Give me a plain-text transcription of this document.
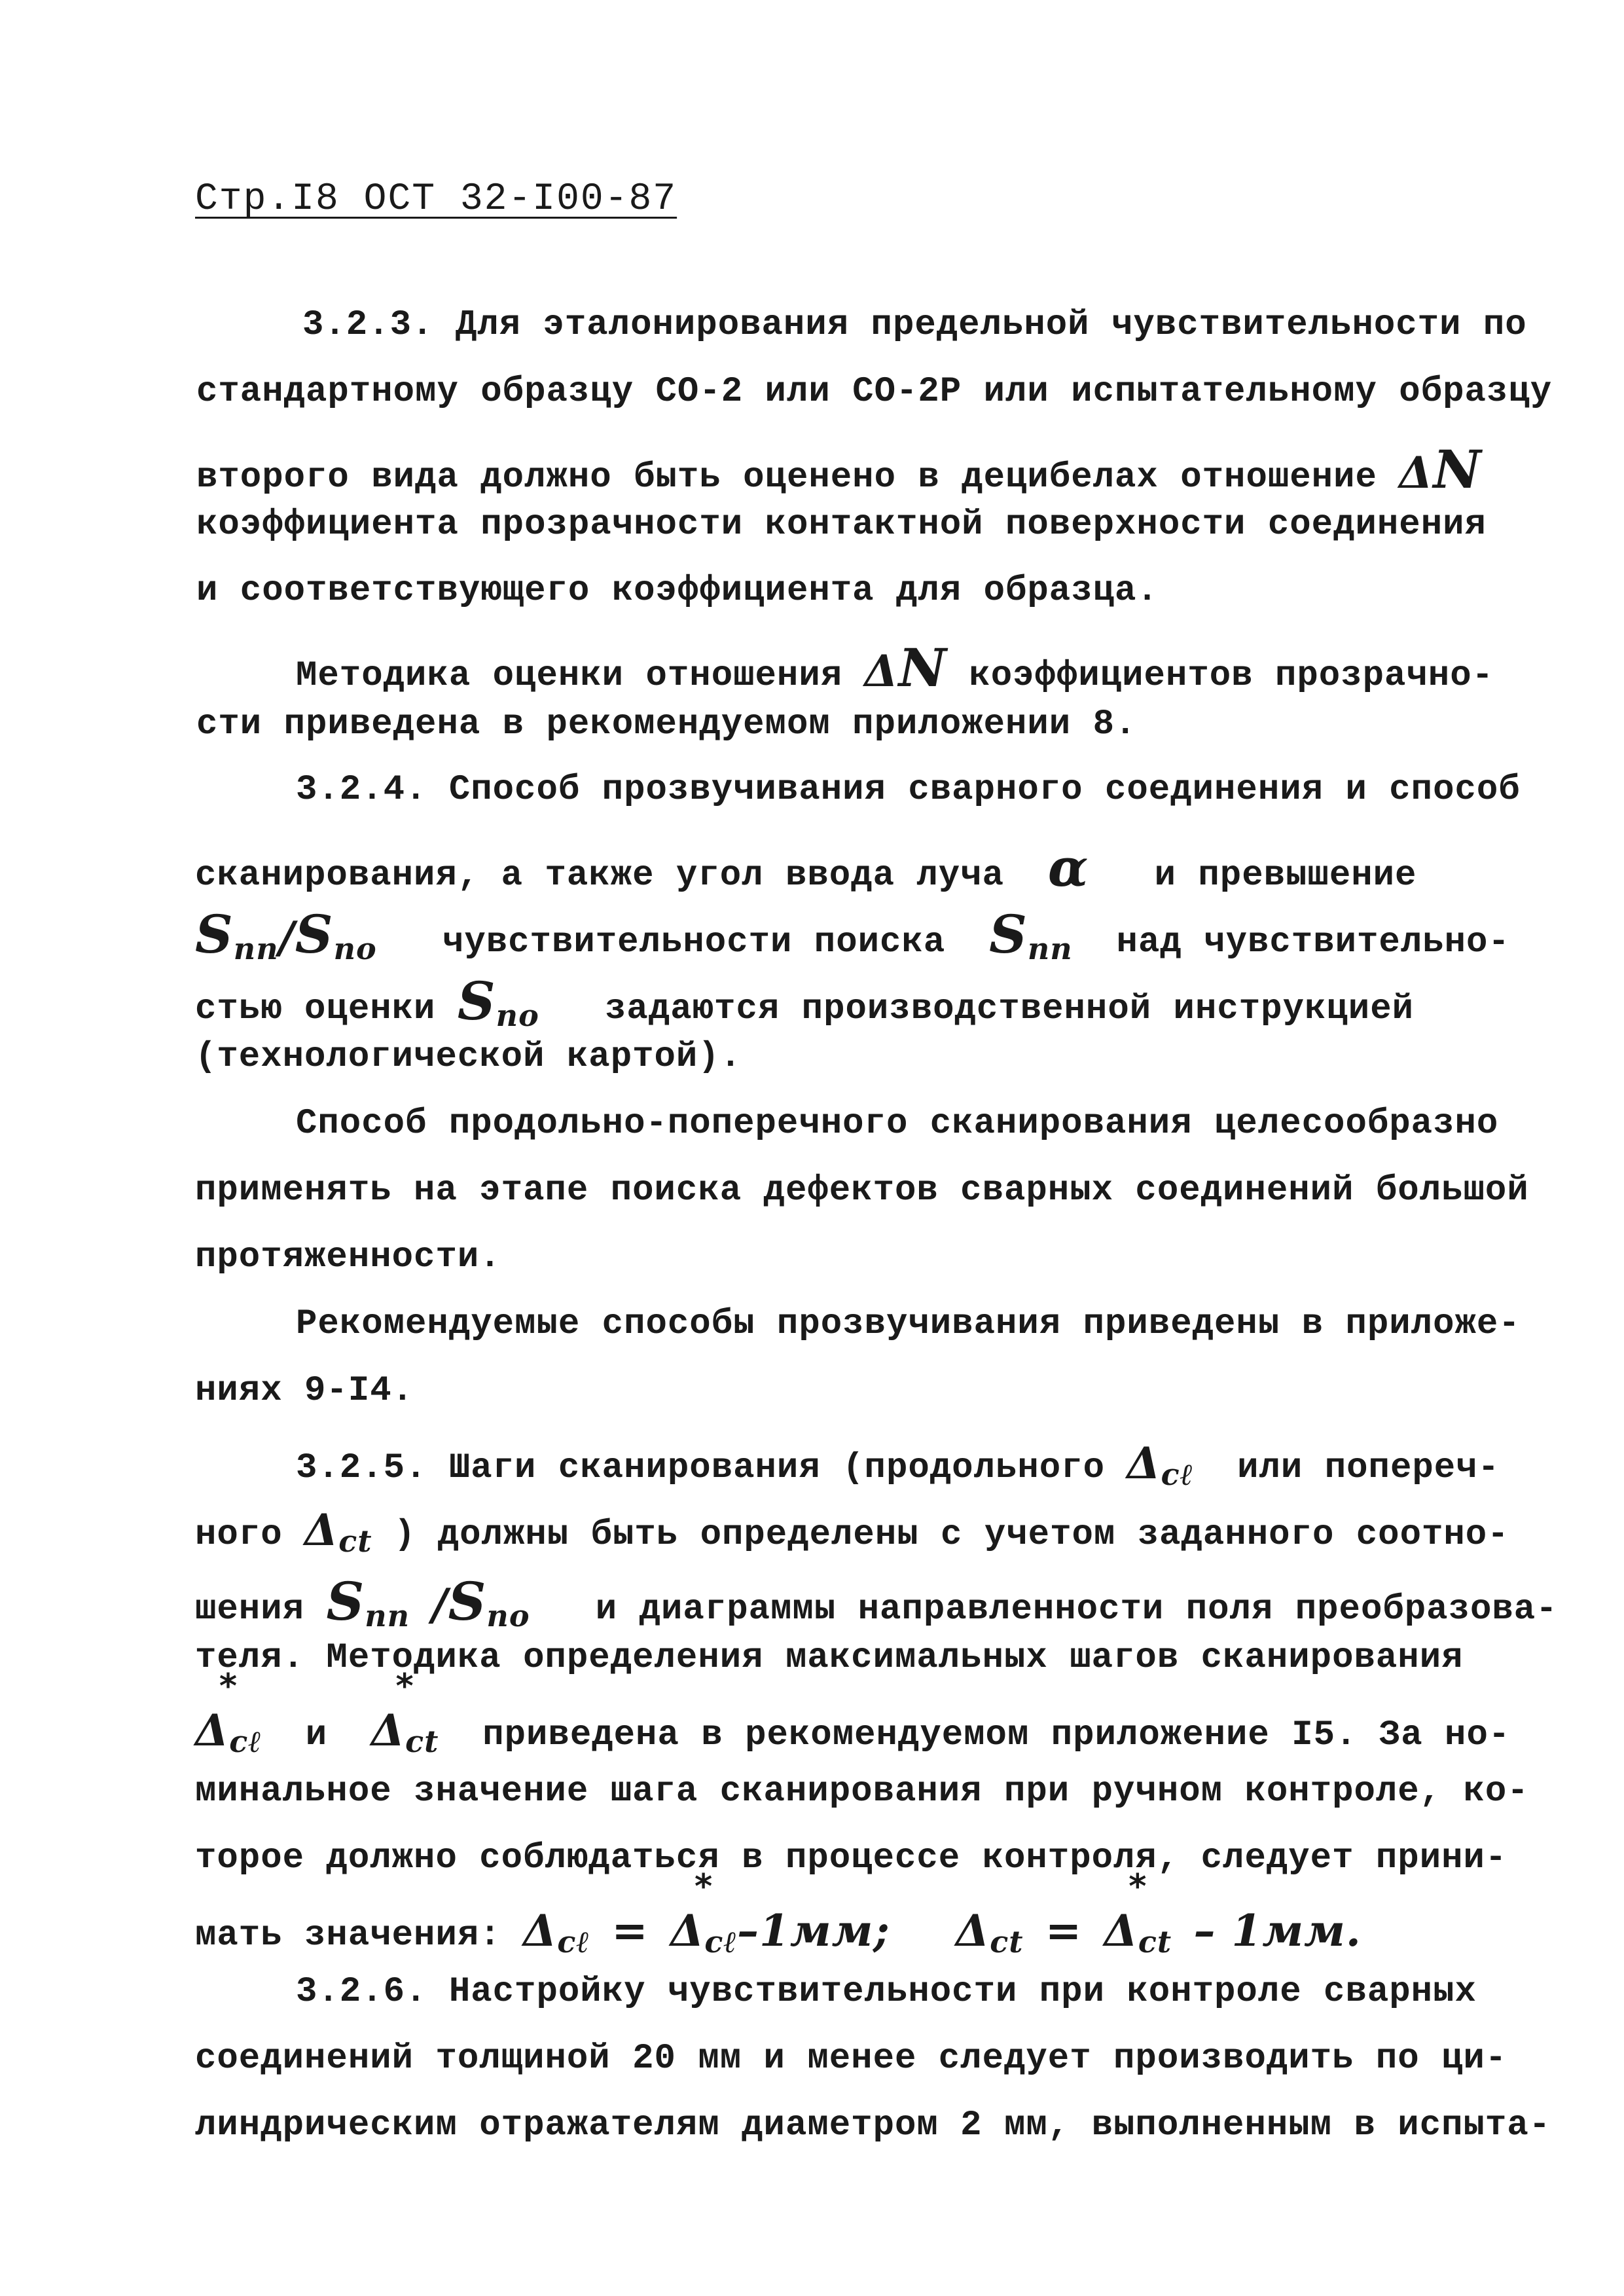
Стр.I8 ОСТ 32-I00-87
3.2.3. Для эталонирования предельной чувствительности по
стандартному образцу СО-2 или СО-2Р или испытательному образцу
второго вида должно быть оценено в децибелах отношение ΔN
коэффициента прозрачности контактной поверхности соединения
и соответствующего коэффициента для образца.
Методика оценки отношения ΔN коэффициентов прозрачно-
сти приведена в рекомендуемом приложении 8.
3.2.4. Способ прозвучивания сварного соединения и способ
сканирования, а также угол ввода луча α и превышение
Sпп/Sпо чувствительности поиска Sпп над чувствительно-
стью оценки Sпо задаются производственной инструкцией
(технологической картой).
Способ продольно-поперечного сканирования целесообразно
применять на этапе поиска дефектов сварных соединений большой
протяженности.
Рекомендуемые способы прозвучивания приведены в приложе-
ниях 9-I4.
3.2.5. Шаги сканирования (продольного Δcℓ или попереч-
ного Δct ) должны быть определены с учетом заданного соотно-
шения Sпп /Sпо и диаграммы направленности поля преобразова-
теля. Методика определения максимальных шагов сканирования
*
Δcℓ и
*
Δct приведена в рекомендуемом приложение I5. За но-
минальное значение шага сканирования при ручном контроле, ко-
торое должно соблюдаться в процессе контроля, следует прини-
мать значения: Δcℓ =
*
Δcℓ–1мм; Δct =
*
Δct – 1мм.
3.2.6. Настройку чувствительности при контроле сварных
соединений толщиной 20 мм и менее следует производить по ци-
линдрическим отражателям диаметром 2 мм, выполненным в испыта-
